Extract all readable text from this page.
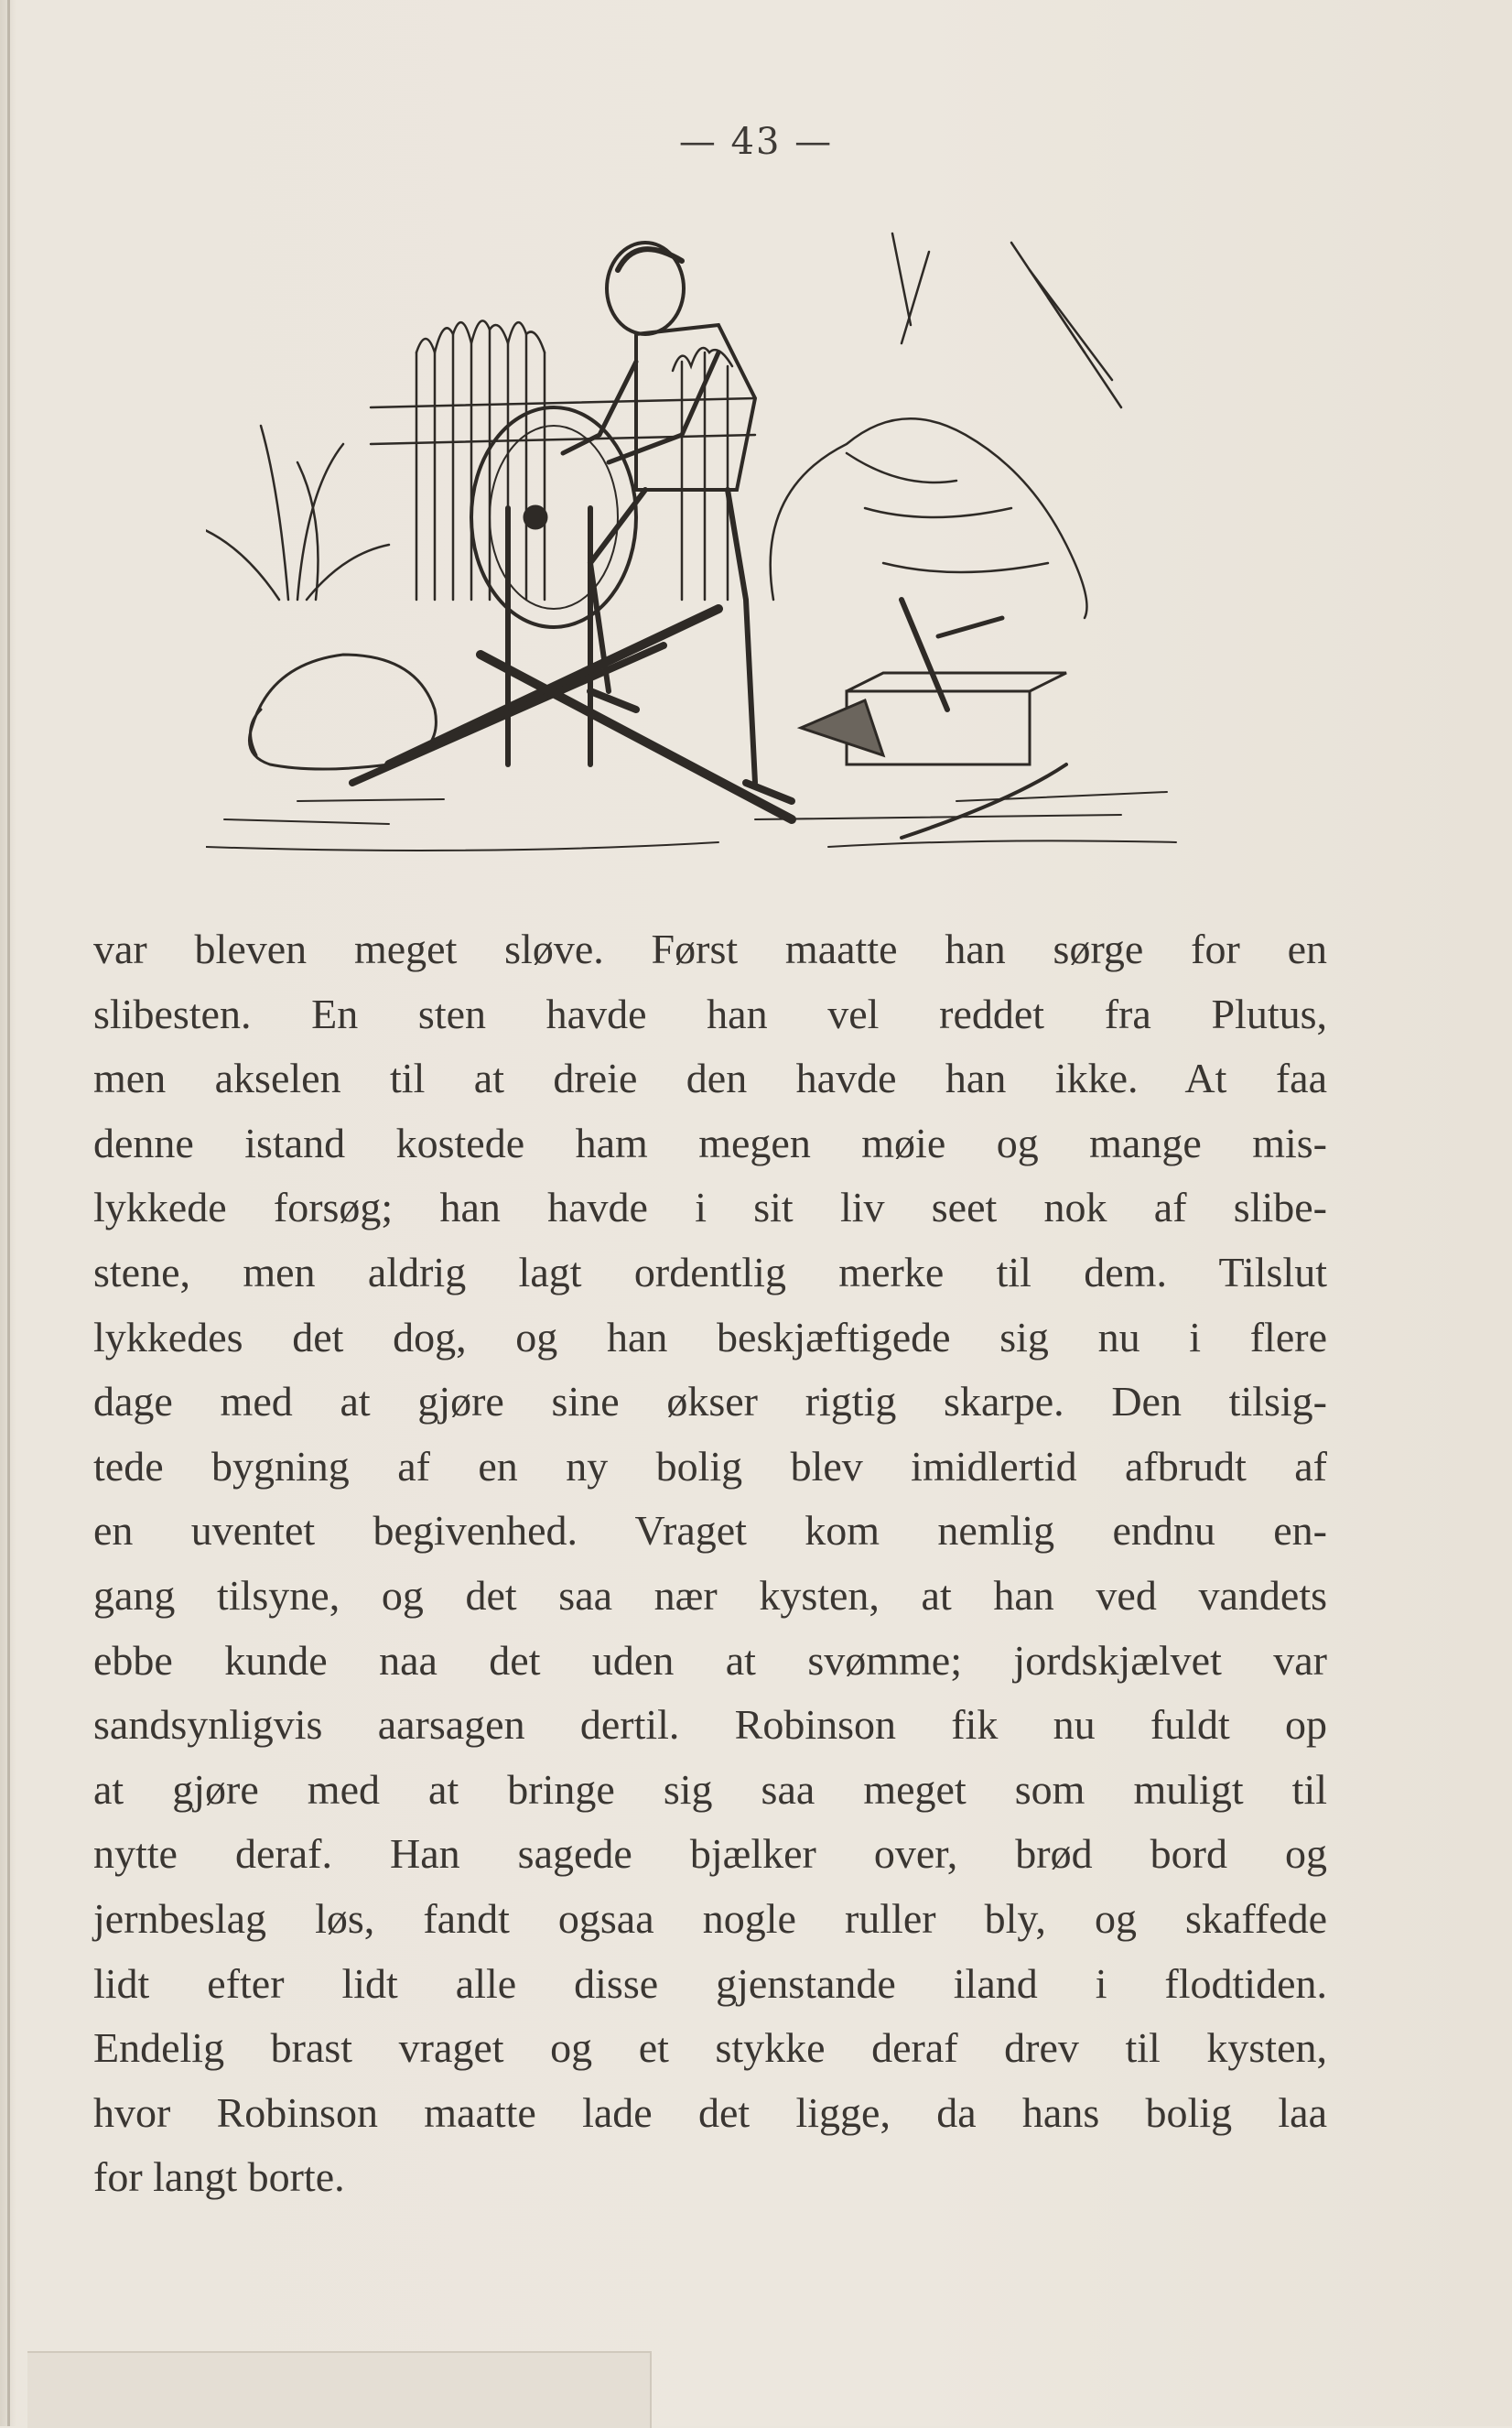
— 43 —
var bleven meget sløve. Først maatte han sørge for en
slibesten. En sten havde han vel reddet fra Plutus,
men akselen til at dreie den havde han ikke. At faa
denne istand kostede ham megen møie og mange mis-
lykkede forsøg; han havde i sit liv seet nok af slibe-
stene, men aldrig lagt ordentlig merke til dem. Tilslut
lykkedes det dog, og han beskjæftigede sig nu i flere
dage med at gjøre sine økser rigtig skarpe. Den tilsig-
tede bygning af en ny bolig blev imidlertid afbrudt af
en uventet begivenhed. Vraget kom nemlig endnu en-
gang tilsyne, og det saa nær kysten, at han ved vandets
ebbe kunde naa det uden at svømme; jordskjælvet var
sandsynligvis aarsagen dertil. Robinson fik nu fuldt op
at gjøre med at bringe sig saa meget som muligt til
nytte deraf. Han sagede bjælker over, brød bord og
jernbeslag løs, fandt ogsaa nogle ruller bly, og skaffede
lidt efter lidt alle disse gjenstande iland i flodtiden.
Endelig brast vraget og et stykke deraf drev til kysten,
hvor Robinson maatte lade det ligge, da hans bolig laa
for langt borte.
